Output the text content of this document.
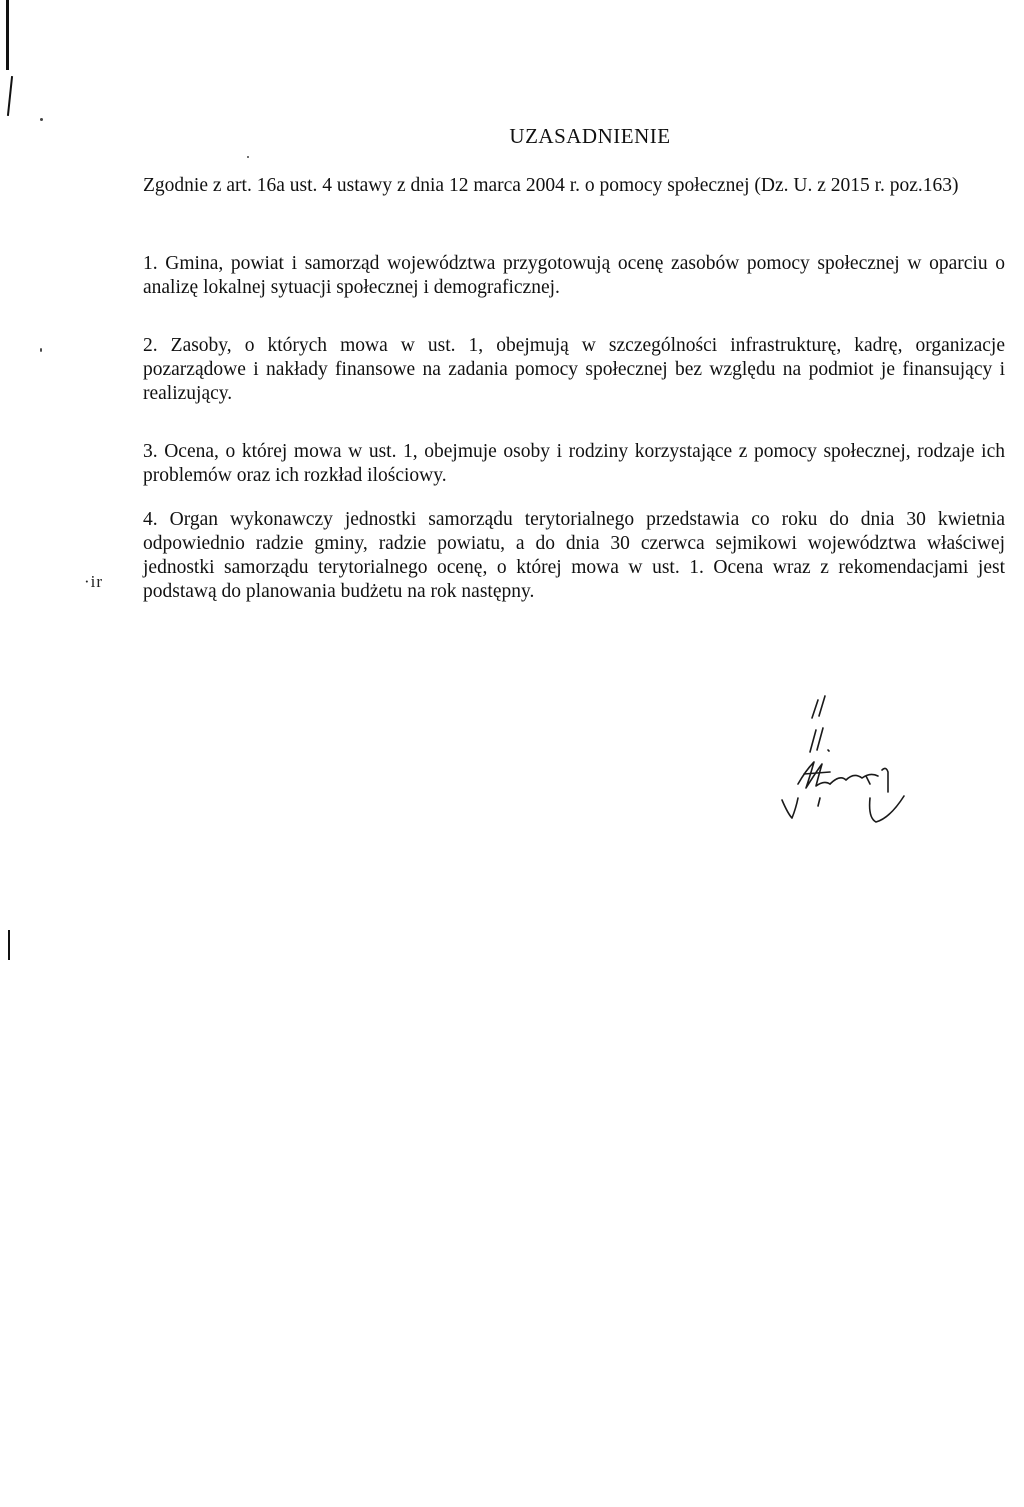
·ir
UZASADNIENIE
Zgodnie z art. 16a ust. 4 ustawy z dnia 12 marca 2004 r. o pomocy społecznej (Dz. U. z 2015 r. poz.163)
1. Gmina, powiat i samorząd województwa przygotowują ocenę zasobów pomocy społecznej w oparciu o analizę lokalnej sytuacji społecznej i demograficznej.
2. Zasoby, o których mowa w ust. 1, obejmują w szczególności infrastrukturę, kadrę, organizacje pozarządowe i nakłady finansowe na zadania pomocy społecznej bez względu na podmiot je finansujący i realizujący.
3. Ocena, o której mowa w ust. 1, obejmuje osoby i rodziny korzystające z pomocy społecznej, rodzaje ich problemów oraz ich rozkład ilościowy.
4. Organ wykonawczy jednostki samorządu terytorialnego przedstawia co roku do dnia 30 kwietnia odpowiednio radzie gminy, radzie powiatu, a do dnia 30 czerwca sejmikowi województwa właściwej jednostki samorządu terytorialnego ocenę, o której mowa w ust. 1. Ocena wraz z rekomendacjami jest podstawą do planowania budżetu na rok następny.
